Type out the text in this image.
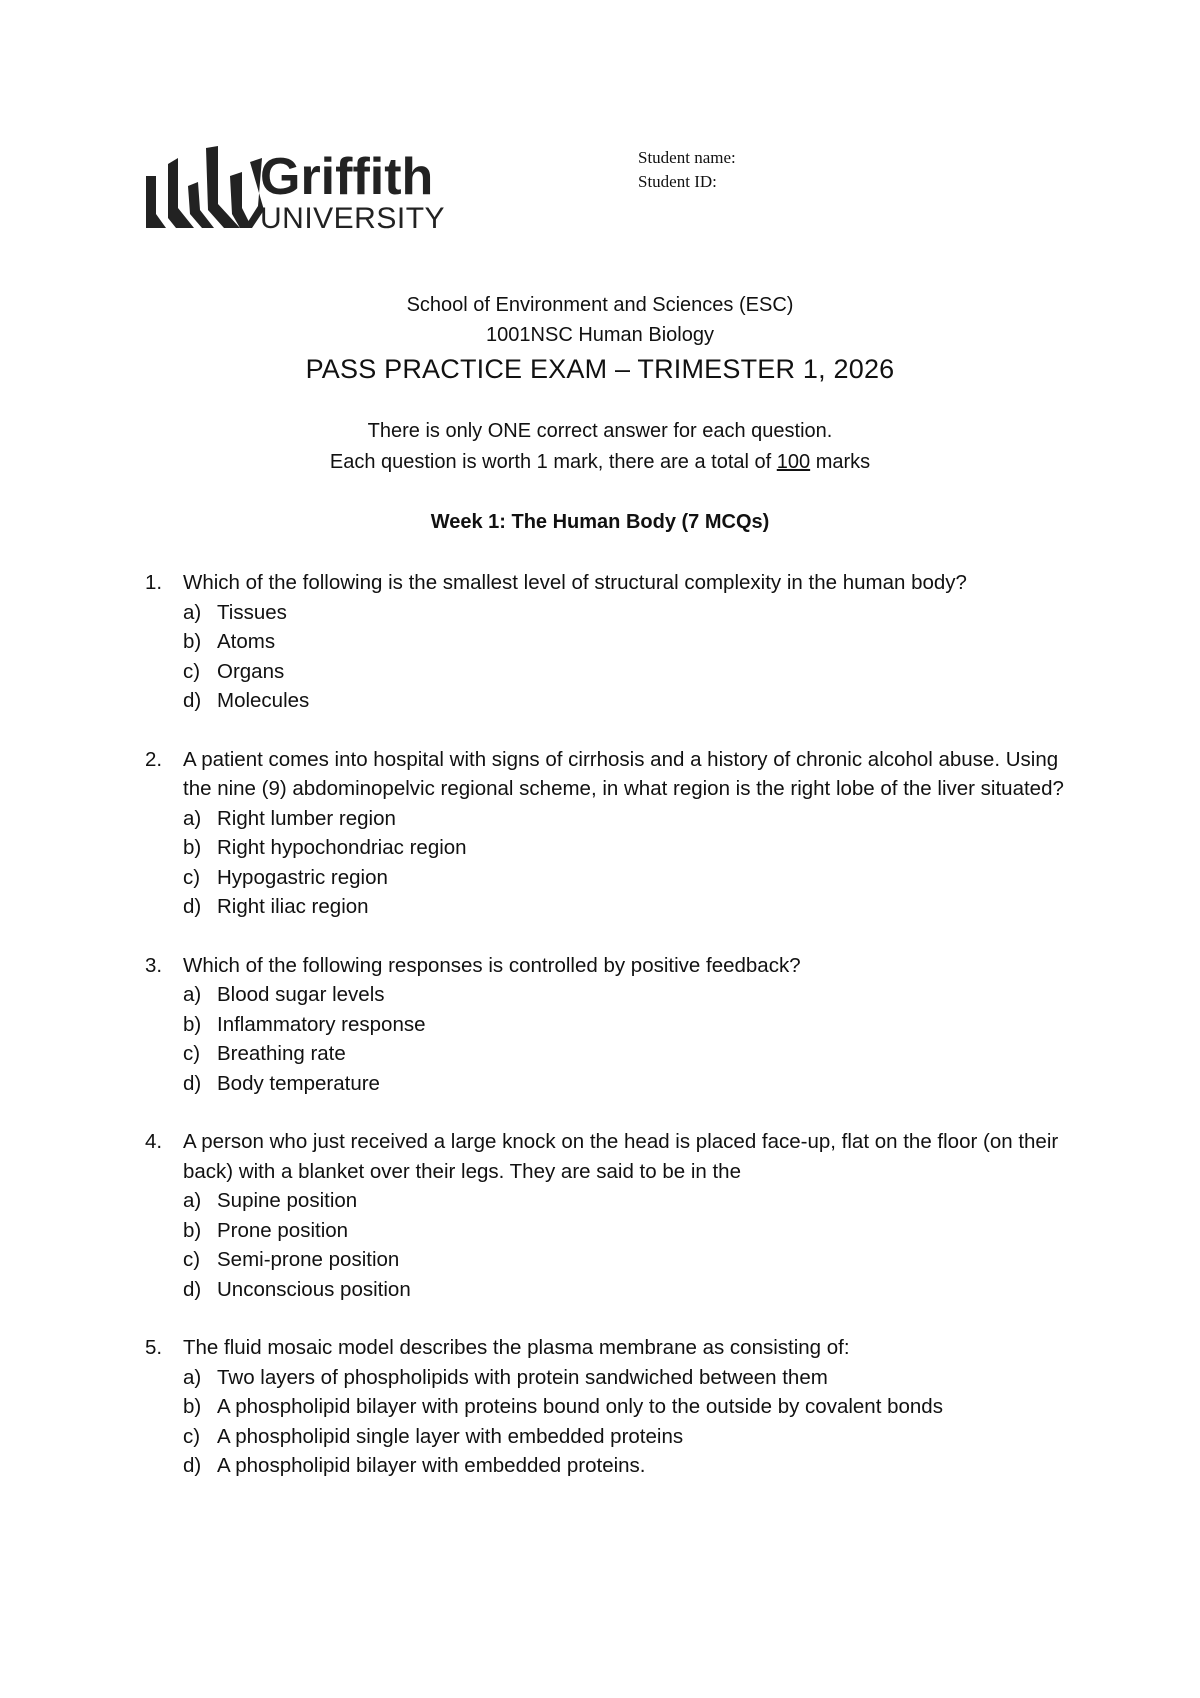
Griffith
UNIVERSITY
Student name:
Student ID:
School of Environment and Sciences (ESC)
1001NSC Human Biology
PASS PRACTICE EXAM – TRIMESTER 1, 2026
There is only ONE correct answer for each question.
Each question is worth 1 mark, there are a total of 100 marks
Week 1: The Human Body (7 MCQs)
1. Which of the following is the smallest level of structural complexity in the human body?
a) Tissues
b) Atoms
c) Organs
d) Molecules
2. A patient comes into hospital with signs of cirrhosis and a history of chronic alcohol abuse. Using the nine (9) abdominopelvic regional scheme, in what region is the right lobe of the liver situated?
a) Right lumber region
b) Right hypochondriac region
c) Hypogastric region
d) Right iliac region
3. Which of the following responses is controlled by positive feedback?
a) Blood sugar levels
b) Inflammatory response
c) Breathing rate
d) Body temperature
4. A person who just received a large knock on the head is placed face-up, flat on the floor (on their back) with a blanket over their legs. They are said to be in the
a) Supine position
b) Prone position
c) Semi-prone position
d) Unconscious position
5. The fluid mosaic model describes the plasma membrane as consisting of:
a) Two layers of phospholipids with protein sandwiched between them
b) A phospholipid bilayer with proteins bound only to the outside by covalent bonds
c) A phospholipid single layer with embedded proteins
d) A phospholipid bilayer with embedded proteins.
